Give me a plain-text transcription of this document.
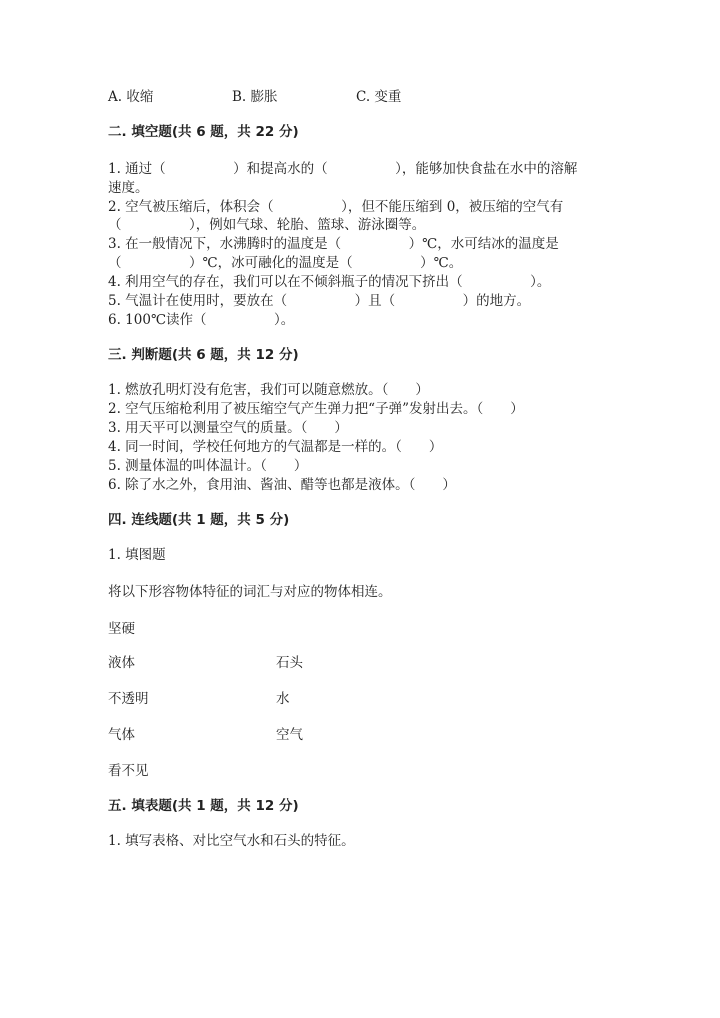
A. 收缩	B. 膨胀	C. 变重
二. 填空题(共 6 题，共 22 分)
1. 通过（　　　　　）和提高水的（　　　　　），能够加快食盐在水中的溶解
速度。
2. 空气被压缩后，体积会（　　　　　），但不能压缩到 0，被压缩的空气有
（　　　　　），例如气球、轮胎、篮球、游泳圈等。
3. 在一般情况下，水沸腾时的温度是（　　　　　）℃，水可结冰的温度是
（　　　　　）℃，冰可融化的温度是（　　　　　）℃。
4. 利用空气的存在，我们可以在不倾斜瓶子的情况下挤出（　　　　　）。
5. 气温计在使用时，要放在（　　　　　）且（　　　　　）的地方。
6. 100℃读作（　　　　　）。
三. 判断题(共 6 题，共 12 分)
1. 燃放孔明灯没有危害，我们可以随意燃放。（　　）
2. 空气压缩枪利用了被压缩空气产生弹力把“子弹”发射出去。（　　）
3. 用天平可以测量空气的质量。（　　）
4. 同一时间，学校任何地方的气温都是一样的。（　　）
5. 测量体温的叫体温计。（　　）
6. 除了水之外，食用油、酱油、醋等也都是液体。（　　）
四. 连线题(共 1 题，共 5 分)
1. 填图题
将以下形容物体特征的词汇与对应的物体相连。
坚硬
液体
不透明
气体
看不见
石头
水
空气
五. 填表题(共 1 题，共 12 分)
1. 填写表格、对比空气水和石头的特征。
